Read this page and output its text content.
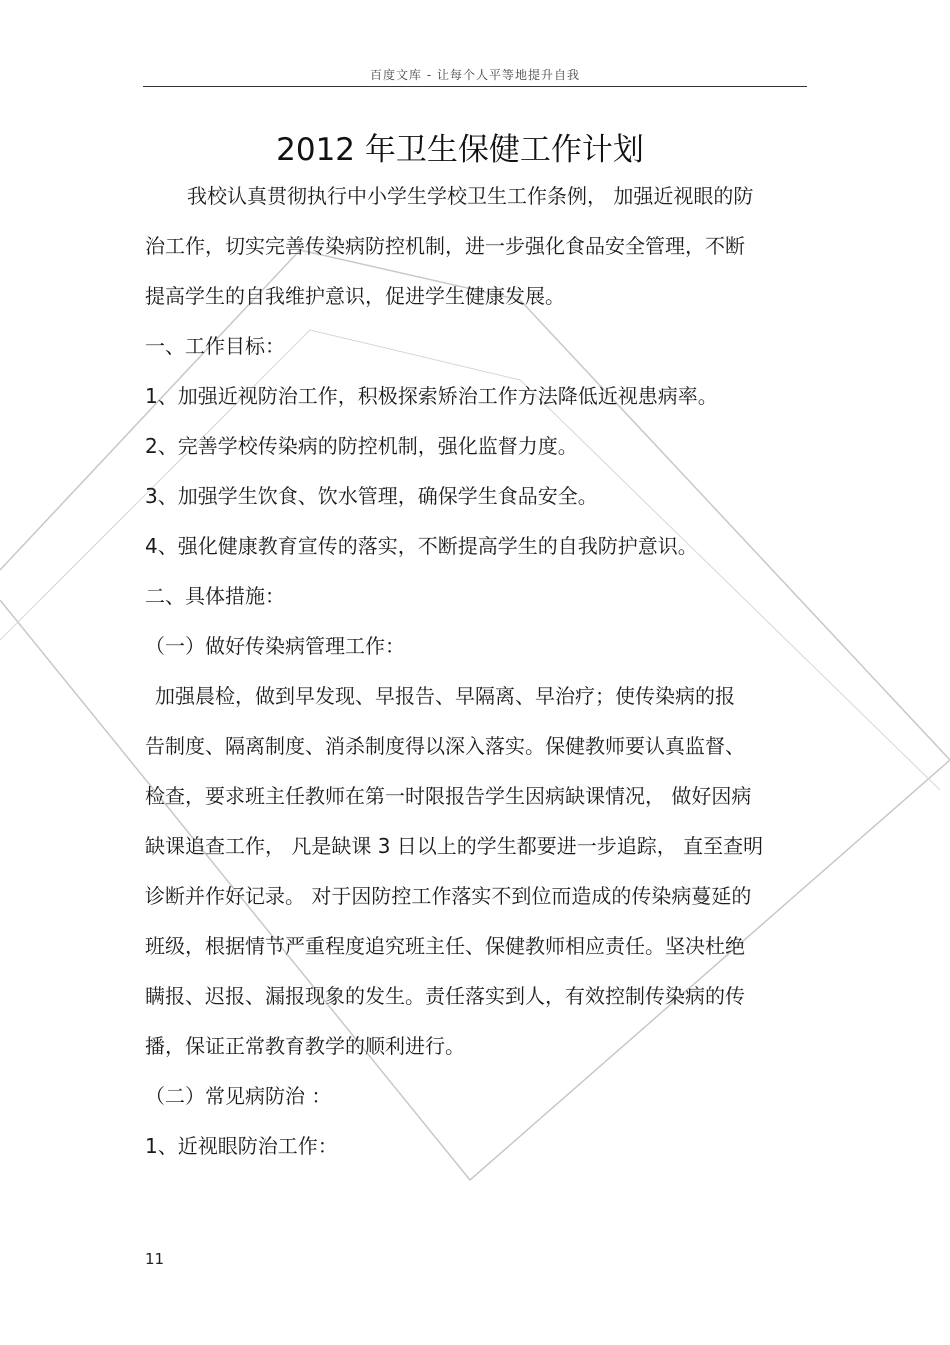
百度文库 - 让每个人平等地提升自我
2012 年卫生保健工作计划
我校认真贯彻执行中小学生学校卫生工作条例， 加强近视眼的防
治工作，切实完善传染病防控机制，进一步强化食品安全管理，不断
提高学生的自我维护意识，促进学生健康发展。
一、工作目标：
1、加强近视防治工作，积极探索矫治工作方法降低近视患病率。
2、完善学校传染病的防控机制，强化监督力度。
3、加强学生饮食、饮水管理，确保学生食品安全。
4、强化健康教育宣传的落实，不断提高学生的自我防护意识。
二、具体措施：
（一）做好传染病管理工作：
加强晨检，做到早发现、早报告、早隔离、早治疗；使传染病的报
告制度、隔离制度、消杀制度得以深入落实。保健教师要认真监督、
检查，要求班主任教师在第一时限报告学生因病缺课情况， 做好因病
缺课追查工作， 凡是缺课 3 日以上的学生都要进一步追踪， 直至查明
诊断并作好记录。 对于因防控工作落实不到位而造成的传染病蔓延的
班级，根据情节严重程度追究班主任、保健教师相应责任。坚决杜绝
瞒报、迟报、漏报现象的发生。责任落实到人，有效控制传染病的传
播，保证正常教育教学的顺利进行。
（二）常见病防治 ：
1、近视眼防治工作：
11
